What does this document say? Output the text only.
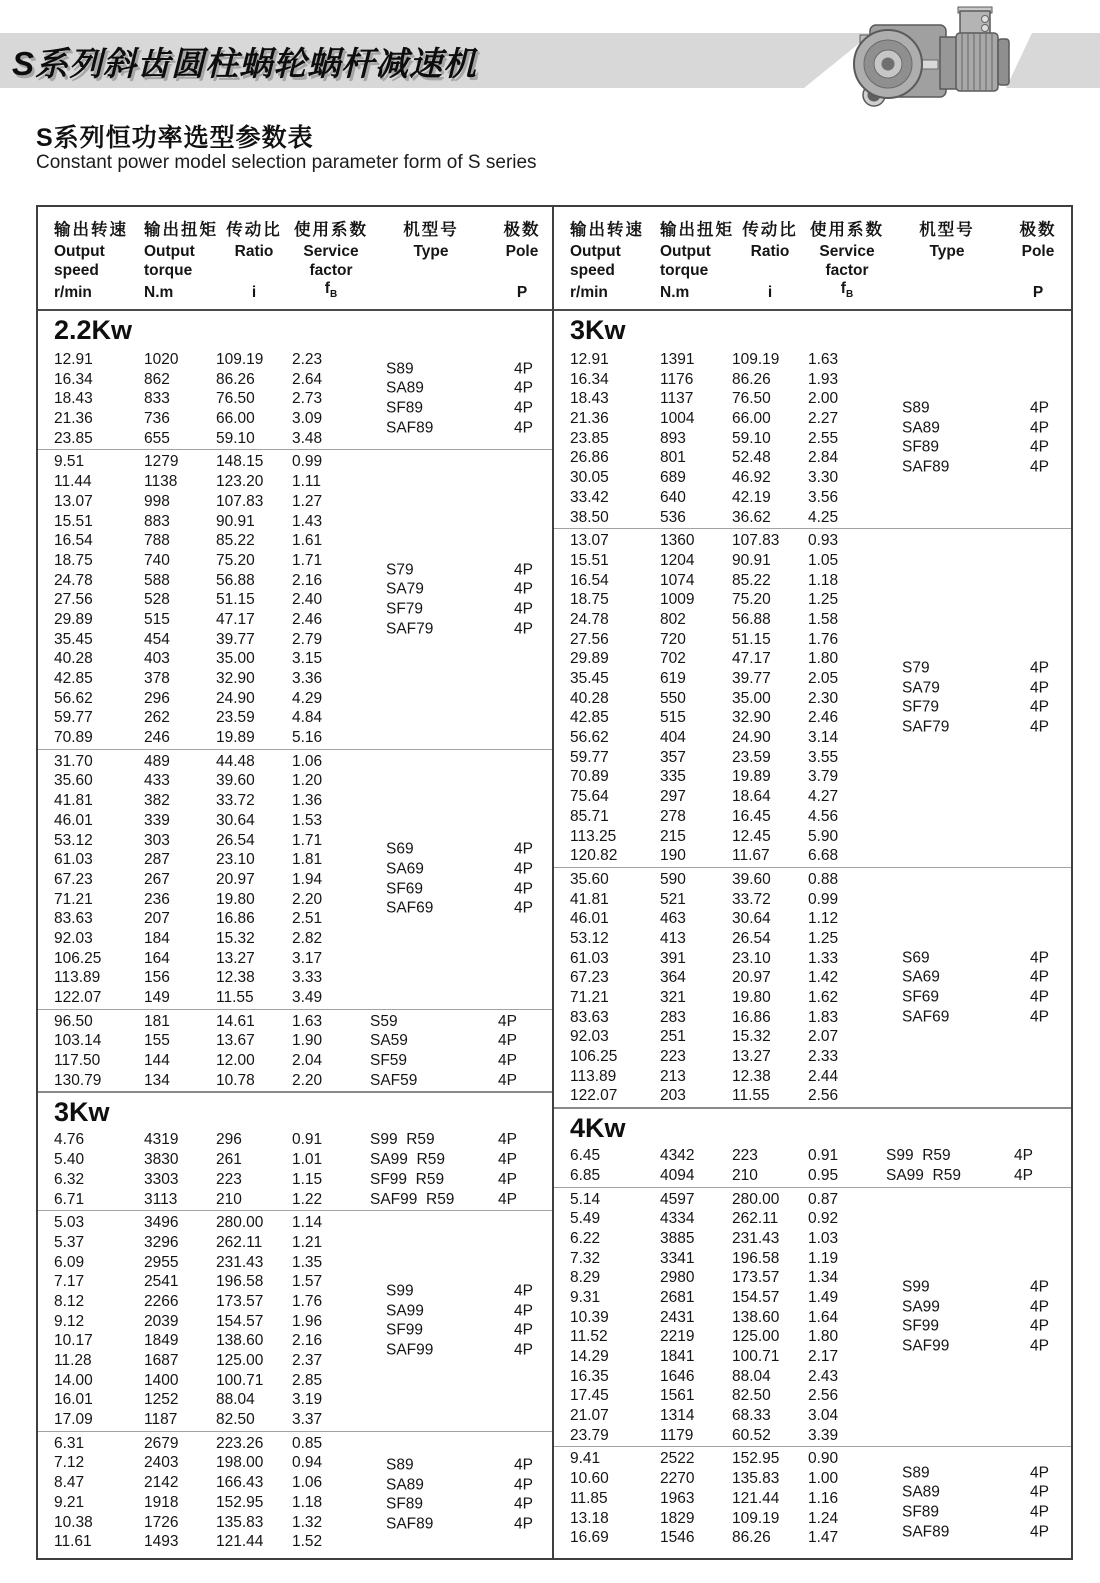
S系列斜齿圆柱蜗轮蜗杆减速机
S系列恒功率选型参数表
Constant power model selection parameter form of S series
输出转速
Output
speed
r/min
输出扭矩
Output
torque
N.m
传动比
Ratio
i
使用系数
Service
factor
$f_B$
机型号
Type
极数
Pole
P
2.2Kw
12.91	1020	109.19	2.23
16.34	862	86.26	2.64
18.43	833	76.50	2.73
21.36	736	66.00	3.09
23.85	655	59.10	3.48
S89	4P
SA89	4P
SF89	4P
SAF89	4P
9.51	1279	148.15	0.99
11.44	1138	123.20	1.11
13.07	998	107.83	1.27
15.51	883	90.91	1.43
16.54	788	85.22	1.61
18.75	740	75.20	1.71
24.78	588	56.88	2.16
27.56	528	51.15	2.40
29.89	515	47.17	2.46
35.45	454	39.77	2.79
40.28	403	35.00	3.15
42.85	378	32.90	3.36
56.62	296	24.90	4.29
59.77	262	23.59	4.84
70.89	246	19.89	5.16
S79	4P
SA79	4P
SF79	4P
SAF79	4P
31.70	489	44.48	1.06
35.60	433	39.60	1.20
41.81	382	33.72	1.36
46.01	339	30.64	1.53
53.12	303	26.54	1.71
61.03	287	23.10	1.81
67.23	267	20.97	1.94
71.21	236	19.80	2.20
83.63	207	16.86	2.51
92.03	184	15.32	2.82
106.25	164	13.27	3.17
113.89	156	12.38	3.33
122.07	149	11.55	3.49
S69	4P
SA69	4P
SF69	4P
SAF69	4P
96.50	181	14.61	1.63	S59	4P
103.14	155	13.67	1.90	SA59	4P
117.50	144	12.00	2.04	SF59	4P
130.79	134	10.78	2.20	SAF59	4P
3Kw
4.76	4319	296	0.91	S99  R59	4P
5.40	3830	261	1.01	SA99  R59	4P
6.32	3303	223	1.15	SF99  R59	4P
6.71	3113	210	1.22	SAF99  R59	4P
5.03	3496	280.00	1.14
5.37	3296	262.11	1.21
6.09	2955	231.43	1.35
7.17	2541	196.58	1.57
8.12	2266	173.57	1.76
9.12	2039	154.57	1.96
10.17	1849	138.60	2.16
11.28	1687	125.00	2.37
14.00	1400	100.71	2.85
16.01	1252	88.04	3.19
17.09	1187	82.50	3.37
S99	4P
SA99	4P
SF99	4P
SAF99	4P
6.31	2679	223.26	0.85
7.12	2403	198.00	0.94
8.47	2142	166.43	1.06
9.21	1918	152.95	1.18
10.38	1726	135.83	1.32
11.61	1493	121.44	1.52
S89	4P
SA89	4P
SF89	4P
SAF89	4P
输出转速
Output
speed
r/min
输出扭矩
Output
torque
N.m
传动比
Ratio
i
使用系数
Service
factor
$f_B$
机型号
Type
极数
Pole
P
3Kw
12.91	1391	109.19	1.63
16.34	1176	86.26	1.93
18.43	1137	76.50	2.00
21.36	1004	66.00	2.27
23.85	893	59.10	2.55
26.86	801	52.48	2.84
30.05	689	46.92	3.30
33.42	640	42.19	3.56
38.50	536	36.62	4.25
S89	4P
SA89	4P
SF89	4P
SAF89	4P
13.07	1360	107.83	0.93
15.51	1204	90.91	1.05
16.54	1074	85.22	1.18
18.75	1009	75.20	1.25
24.78	802	56.88	1.58
27.56	720	51.15	1.76
29.89	702	47.17	1.80
35.45	619	39.77	2.05
40.28	550	35.00	2.30
42.85	515	32.90	2.46
56.62	404	24.90	3.14
59.77	357	23.59	3.55
70.89	335	19.89	3.79
75.64	297	18.64	4.27
85.71	278	16.45	4.56
113.25	215	12.45	5.90
120.82	190	11.67	6.68
S79	4P
SA79	4P
SF79	4P
SAF79	4P
35.60	590	39.60	0.88
41.81	521	33.72	0.99
46.01	463	30.64	1.12
53.12	413	26.54	1.25
61.03	391	23.10	1.33
67.23	364	20.97	1.42
71.21	321	19.80	1.62
83.63	283	16.86	1.83
92.03	251	15.32	2.07
106.25	223	13.27	2.33
113.89	213	12.38	2.44
122.07	203	11.55	2.56
S69	4P
SA69	4P
SF69	4P
SAF69	4P
4Kw
6.45	4342	223	0.91	S99  R59	4P
6.85	4094	210	0.95	SA99  R59	4P
5.14	4597	280.00	0.87
5.49	4334	262.11	0.92
6.22	3885	231.43	1.03
7.32	3341	196.58	1.19
8.29	2980	173.57	1.34
9.31	2681	154.57	1.49
10.39	2431	138.60	1.64
11.52	2219	125.00	1.80
14.29	1841	100.71	2.17
16.35	1646	88.04	2.43
17.45	1561	82.50	2.56
21.07	1314	68.33	3.04
23.79	1179	60.52	3.39
S99	4P
SA99	4P
SF99	4P
SAF99	4P
9.41	2522	152.95	0.90
10.60	2270	135.83	1.00
11.85	1963	121.44	1.16
13.18	1829	109.19	1.24
16.69	1546	86.26	1.47
S89	4P
SA89	4P
SF89	4P
SAF89	4P
